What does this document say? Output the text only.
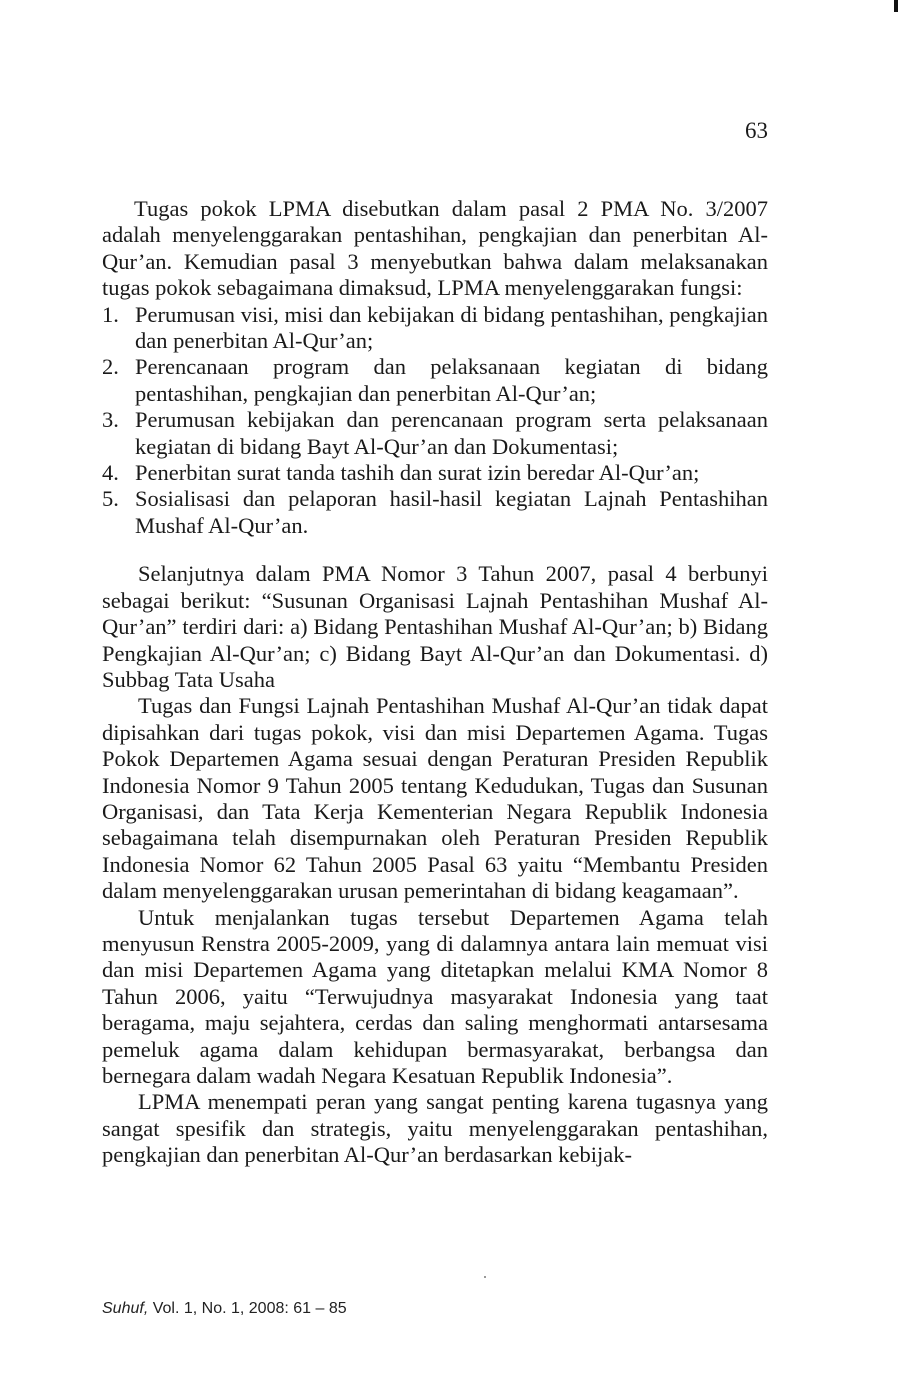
63

Tugas pokok LPMA disebutkan dalam pasal 2 PMA No. 3/2007 adalah menyelenggarakan pentashihan, pengkajian dan penerbitan Al-Qur’an. Kemudian pasal 3 menyebutkan bahwa dalam melaksanakan tugas pokok sebagaimana dimaksud, LPMA menyelenggarakan fungsi:

1. Perumusan visi, misi dan kebijakan di bidang pentashihan, pengkajian dan penerbitan Al-Qur’an;
2. Perencanaan program dan pelaksanaan kegiatan di bidang pentashihan, pengkajian dan penerbitan Al-Qur’an;
3. Perumusan kebijakan dan perencanaan program serta pelaksanaan kegiatan di bidang Bayt Al-Qur’an dan Dokumentasi;
4. Penerbitan surat tanda tashih dan surat izin beredar Al-Qur’an;
5. Sosialisasi dan pelaporan hasil-hasil kegiatan Lajnah Pentashihan Mushaf Al-Qur’an.

Selanjutnya dalam PMA Nomor 3 Tahun 2007, pasal 4 berbunyi sebagai berikut: “Susunan Organisasi Lajnah Pentashihan Mushaf Al-Qur’an” terdiri dari: a) Bidang Pentashihan Mushaf Al-Qur’an; b) Bidang Pengkajian Al-Qur’an; c) Bidang Bayt Al-Qur’an dan Dokumentasi. d) Subbag Tata Usaha

Tugas dan Fungsi Lajnah Pentashihan Mushaf Al-Qur’an tidak dapat dipisahkan dari tugas pokok, visi dan misi Departemen Agama. Tugas Pokok Departemen Agama sesuai dengan Peraturan Presiden Republik Indonesia Nomor 9 Tahun 2005 tentang Kedudukan, Tugas dan Susunan Organisasi, dan Tata Kerja Kementerian Negara Republik Indonesia sebagaimana telah disempurnakan oleh Peraturan Presiden Republik Indonesia Nomor 62 Tahun 2005 Pasal 63 yaitu “Membantu Presiden dalam menyelenggarakan urusan pemerintahan di bidang keagamaan”.

Untuk menjalankan tugas tersebut Departemen Agama telah menyusun Renstra 2005-2009, yang di dalamnya antara lain memuat visi dan misi Departemen Agama yang ditetapkan melalui KMA Nomor 8 Tahun 2006, yaitu “Terwujudnya masyarakat Indonesia yang taat beragama, maju sejahtera, cerdas dan saling menghormati antarsesama pemeluk agama dalam kehidupan bermasyarakat, berbangsa dan bernegara dalam wadah Negara Kesatuan Republik Indonesia”.

LPMA menempati peran yang sangat penting karena tugasnya yang sangat spesifik dan strategis, yaitu menyelenggarakan pentashihan, pengkajian dan penerbitan Al-Qur’an berdasarkan kebijak-

Suhuf, Vol. 1, No. 1, 2008: 61 – 85
